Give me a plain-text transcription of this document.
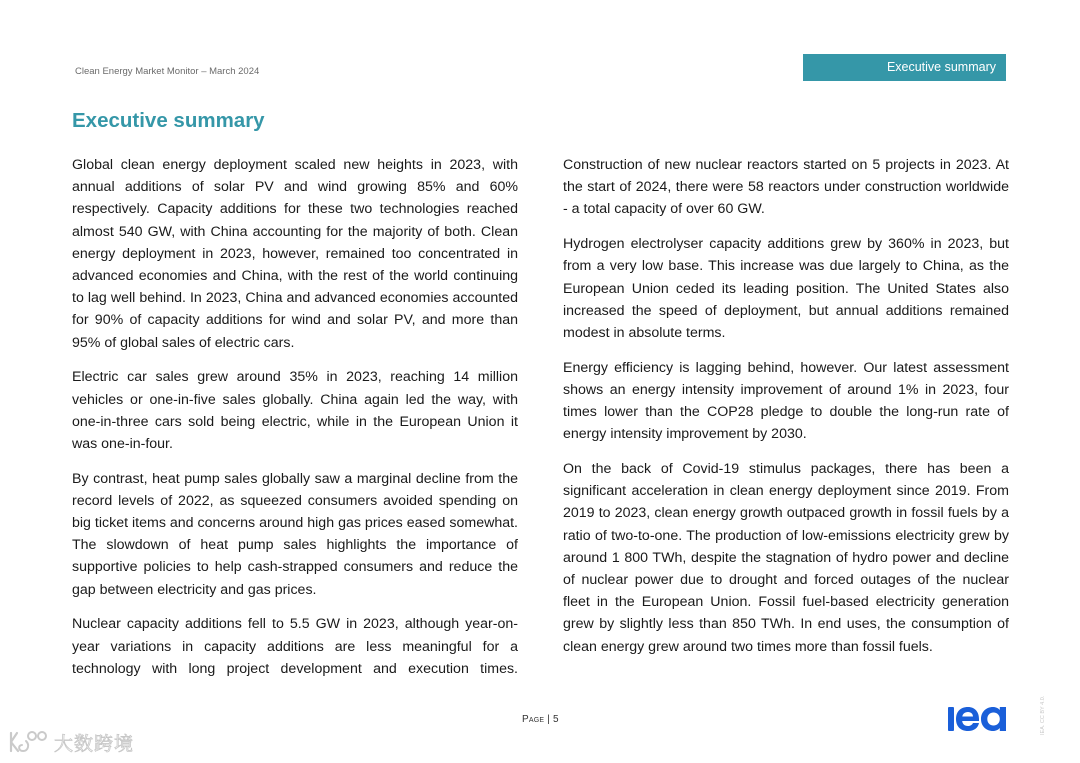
Clean Energy Market Monitor – March 2024	Executive summary
Executive summary

Global clean energy deployment scaled new heights in 2023, with annual additions of solar PV and wind growing 85% and 60% respectively. Capacity additions for these two technologies reached almost 540 GW, with China accounting for the majority of both. Clean energy deployment in 2023, however, remained too concentrated in advanced economies and China, with the rest of the world continuing to lag well behind. In 2023, China and advanced economies accounted for 90% of capacity additions for wind and solar PV, and more than 95% of global sales of electric cars.

Electric car sales grew around 35% in 2023, reaching 14 million vehicles or one-in-five sales globally. China again led the way, with one-in-three cars sold being electric, while in the European Union it was one-in-four.

By contrast, heat pump sales globally saw a marginal decline from the record levels of 2022, as squeezed consumers avoided spending on big ticket items and concerns around high gas prices eased somewhat. The slowdown of heat pump sales highlights the importance of supportive policies to help cash-strapped consumers and reduce the gap between electricity and gas prices.

Nuclear capacity additions fell to 5.5 GW in 2023, although year-on-year variations in capacity additions are less meaningful for a technology with long project development and execution times.

Construction of new nuclear reactors started on 5 projects in 2023. At the start of 2024, there were 58 reactors under construction worldwide - a total capacity of over 60 GW.

Hydrogen electrolyser capacity additions grew by 360% in 2023, but from a very low base. This increase was due largely to China, as the European Union ceded its leading position. The United States also increased the speed of deployment, but annual additions remained modest in absolute terms.

Energy efficiency is lagging behind, however. Our latest assessment shows an energy intensity improvement of around 1% in 2023, four times lower than the COP28 pledge to double the long-run rate of energy intensity improvement by 2030.

On the back of Covid-19 stimulus packages, there has been a significant acceleration in clean energy deployment since 2019. From 2019 to 2023, clean energy growth outpaced growth in fossil fuels by a ratio of two-to-one. The production of low-emissions electricity grew by around 1 800 TWh, despite the stagnation of hydro power and decline of nuclear power due to drought and forced outages of the nuclear fleet in the European Union. Fossil fuel-based electricity generation grew by slightly less than 850 TWh. In end uses, the consumption of clean energy grew around two times more than fossil fuels.

Page | 5	IEA. CC BY 4.0.
大数跨境
